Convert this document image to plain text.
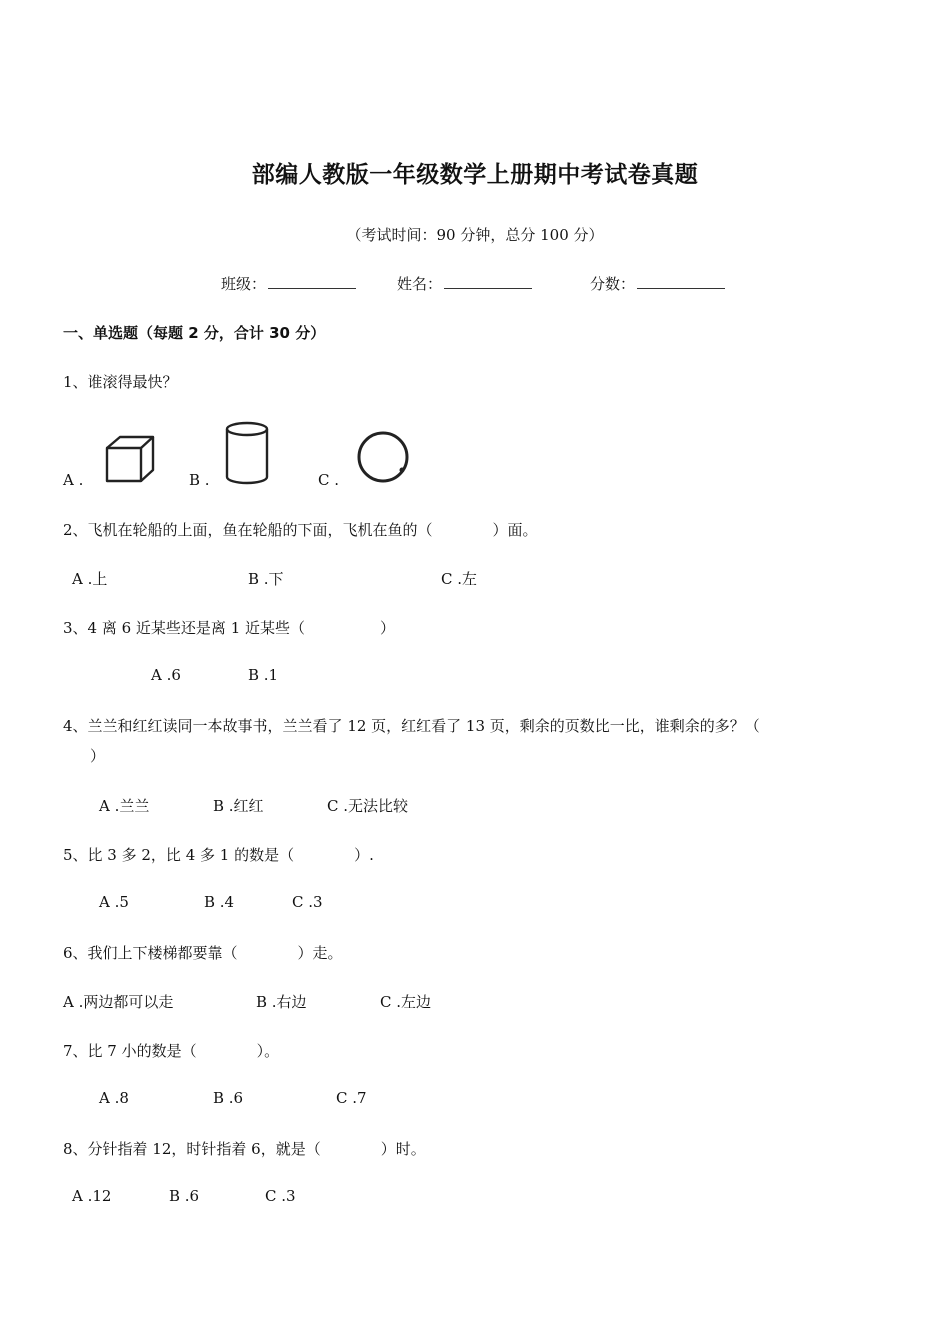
部编人教版一年级数学上册期中考试卷真题
（考试时间：90 分钟，总分 100 分）
班级：	姓名：	分数：
一、单选题（每题 2 分，合计 30 分）
1、谁滚得最快？
A .	B .	C .
2、飞机在轮船的上面，鱼在轮船的下面，飞机在鱼的（　　　　）面。
A .上	B .下	C .左
3、4 离 6 近某些还是离 1 近某些（　　　　　）
A .6	B .1
4、兰兰和红红读同一本故事书，兰兰看了 12 页，红红看了 13 页，剩余的页数比一比，谁剩余的多？（
）
A .兰兰	B .红红	C .无法比较
5、比 3 多 2，比 4 多 1 的数是（　　　　）.
A .5	B .4	C .3
6、我们上下楼梯都要靠（　　　　）走。
A .两边都可以走	B .右边	C .左边
7、比 7 小的数是（　　　　）。
A .8	B .6	C .7
8、分针指着 12，时针指着 6，就是（　　　　）时。
A .12	B .6	C .3
